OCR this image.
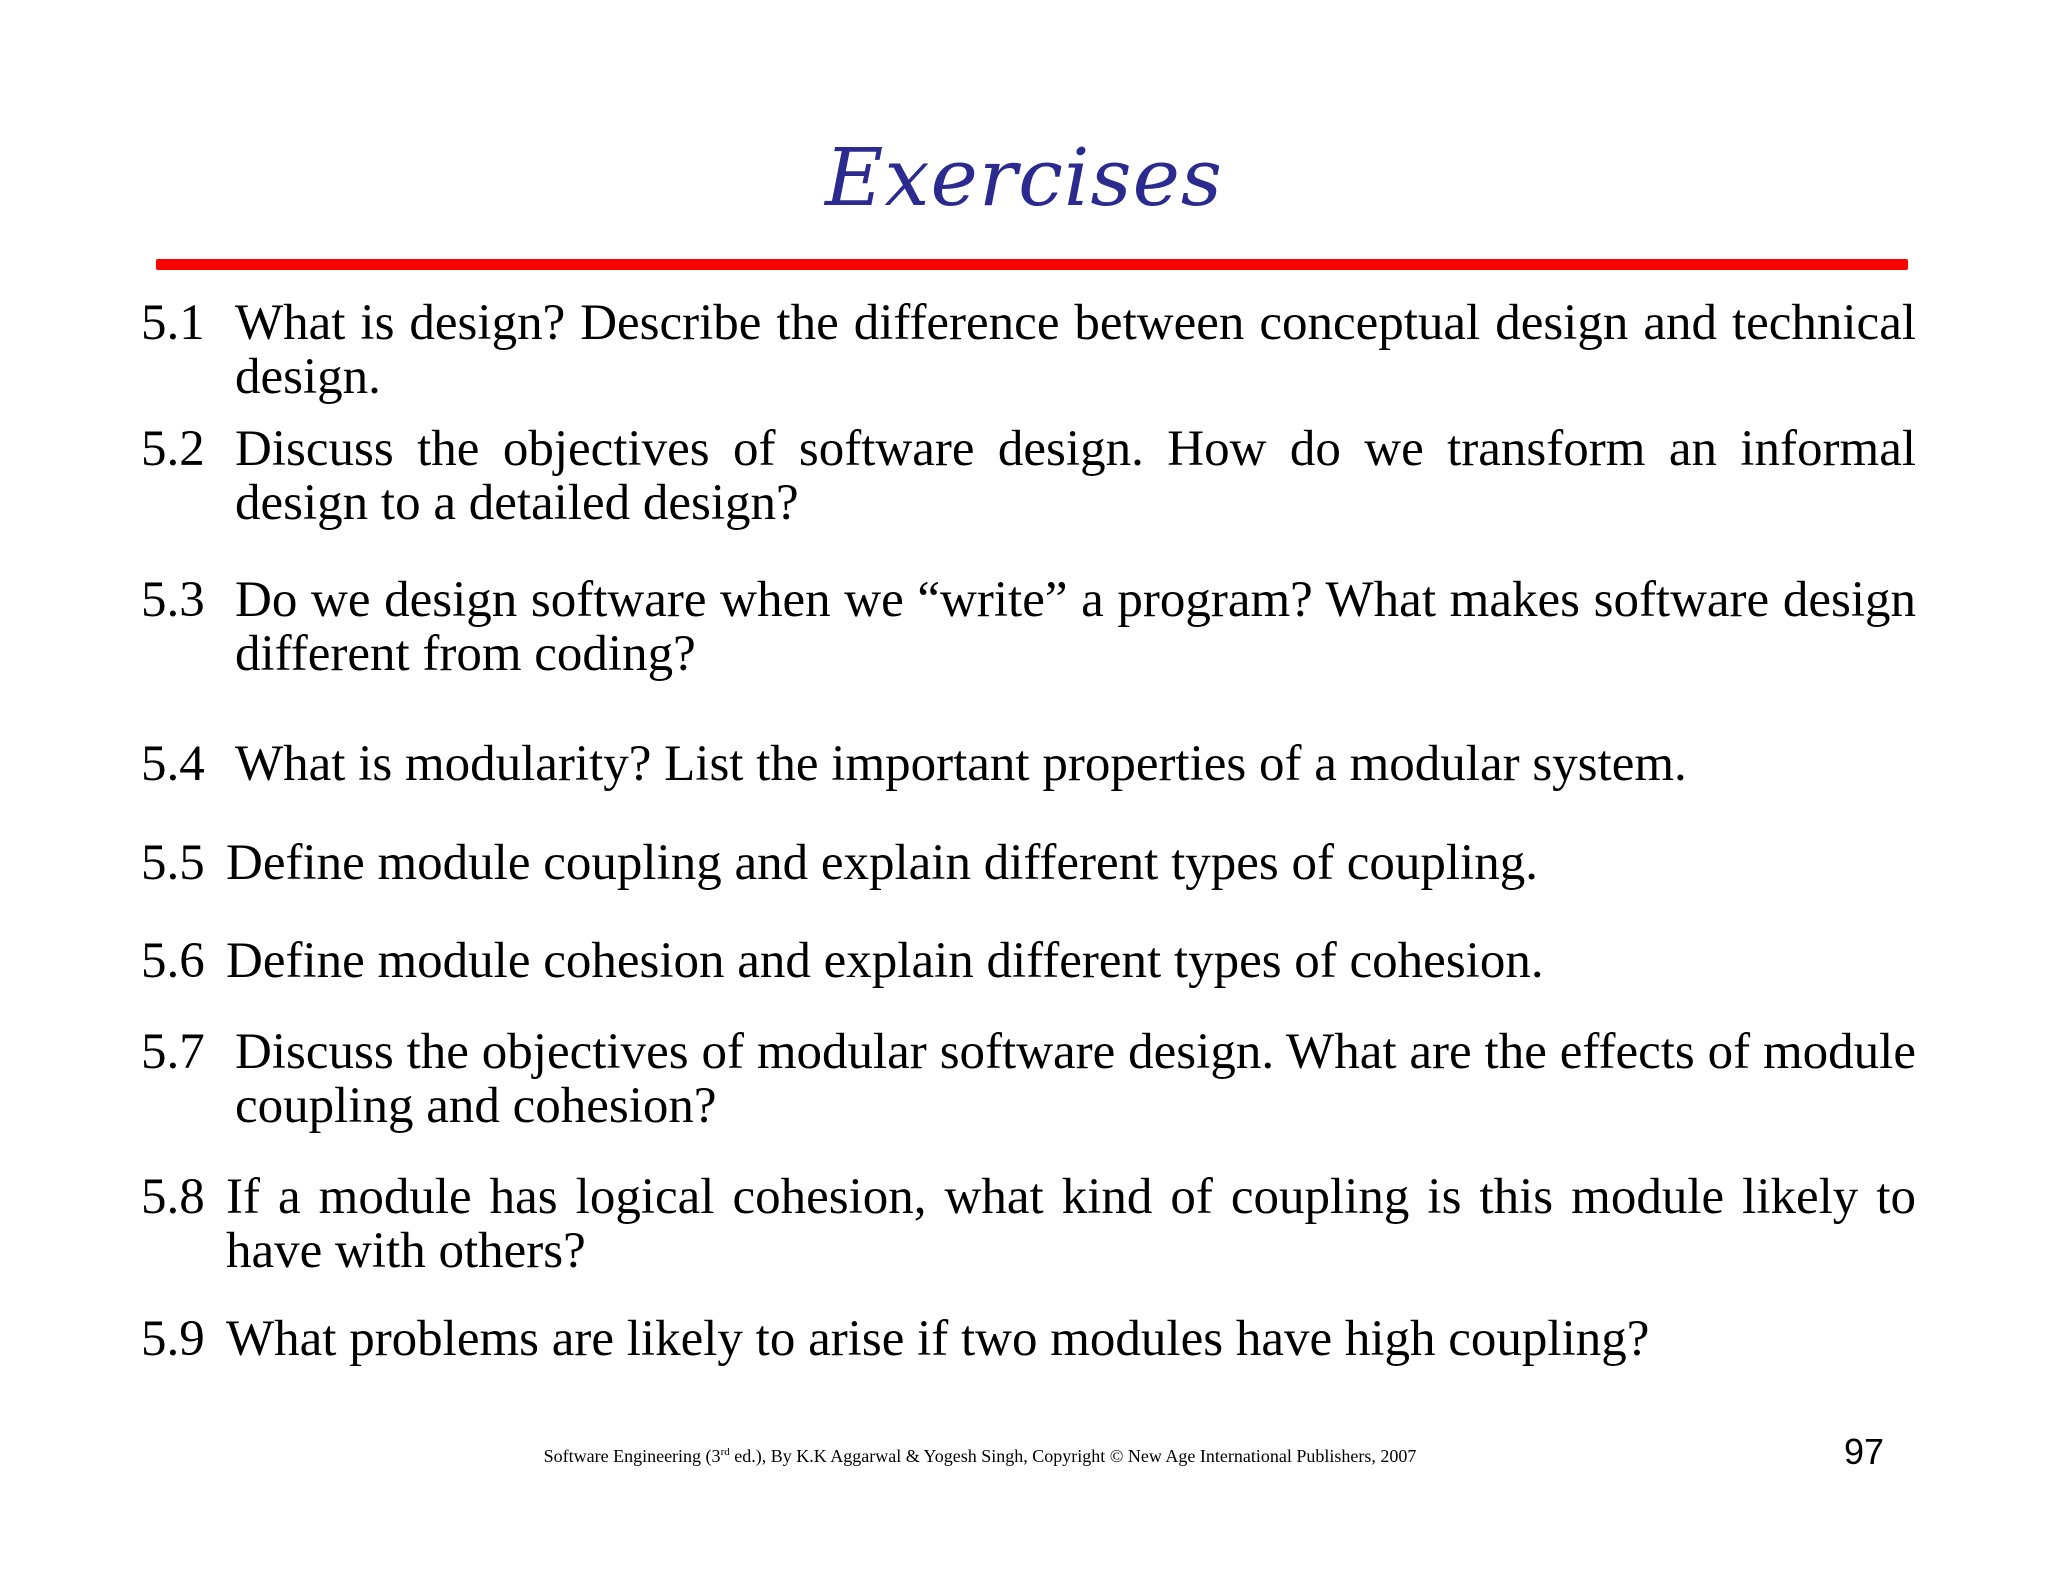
Exercises
5.1 What is design? Describe the difference between conceptual design and technical design.
5.2 Discuss the objectives of software design. How do we transform an informal design to a detailed design?
5.3 Do we design software when we “write” a program? What makes software design different from coding?
5.4 What is modularity? List the important properties of a modular system.
5.5 Define module coupling and explain different types of coupling.
5.6 Define module cohesion and explain different types of cohesion.
5.7 Discuss the objectives of modular software design. What are the effects of module coupling and cohesion?
5.8 If a module has logical cohesion, what kind of coupling is this module likely to have with others?
5.9 What problems are likely to arise if two modules have high coupling?
Software Engineering (3rd ed.), By K.K Aggarwal & Yogesh Singh, Copyright © New Age International Publishers, 2007	97
